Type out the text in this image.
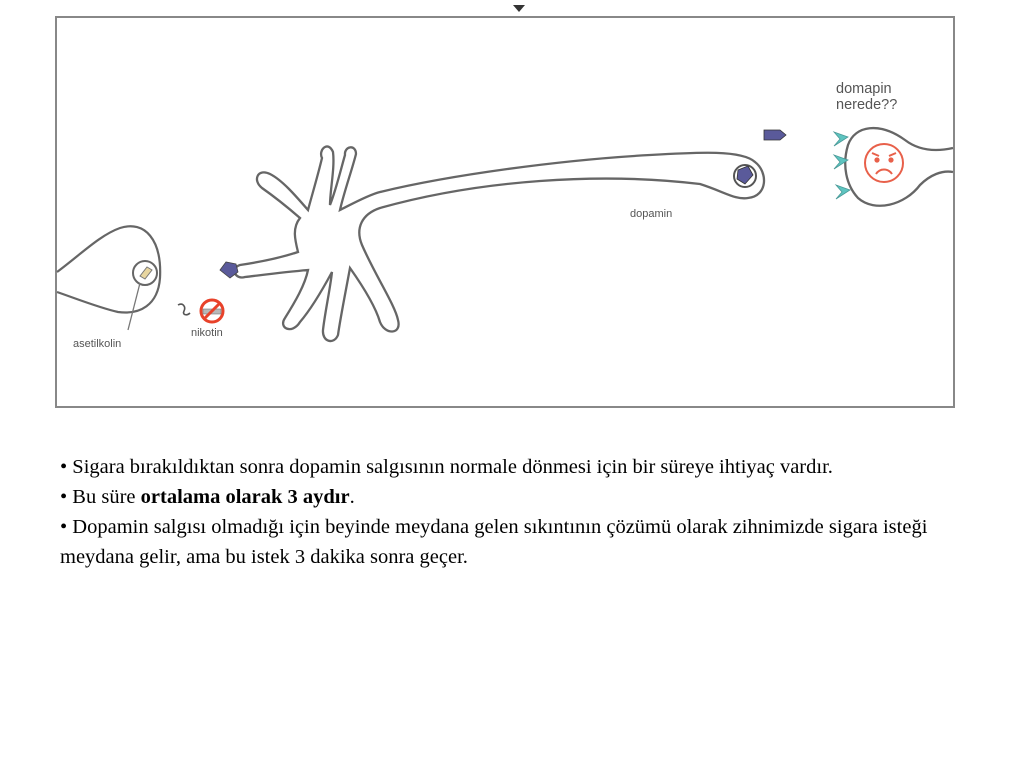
asetilkolin
nikotin
dopamin
domapin
nerede??

• Sigara bırakıldıktan sonra dopamin salgısının normale dönmesi için bir süreye ihtiyaç vardır.

• Bu süre ortalama olarak 3 aydır.

• Dopamin salgısı olmadığı için beyinde meydana gelen sıkıntının çözümü olarak zihnimizde sigara isteği meydana gelir, ama bu istek 3 dakika sonra geçer.
